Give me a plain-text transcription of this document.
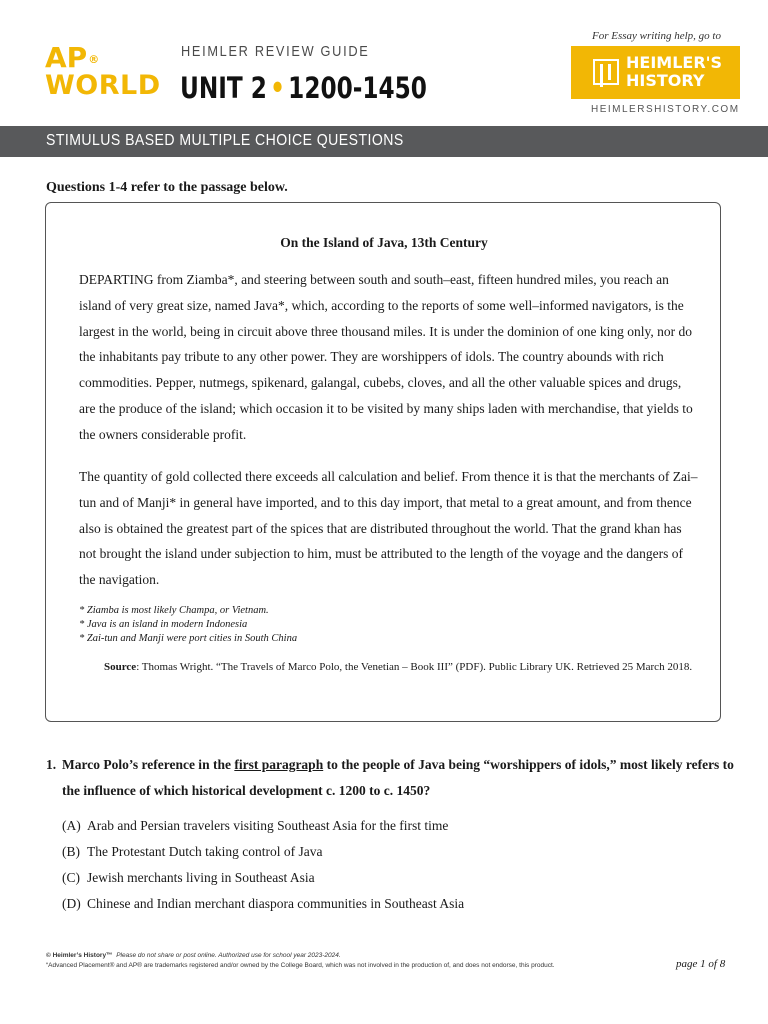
AP®
WORLD
HEIMLER REVIEW GUIDE
UNIT 2 • 1200-1450
For Essay writing help, go to
HEIMLER'S
HISTORY
HEIMLERSHISTORY.COM
STIMULUS BASED MULTIPLE CHOICE QUESTIONS
Questions 1-4 refer to the passage below.
On the Island of Java, 13th Century
DEPARTING from Ziamba*, and steering between south and south–east, fifteen hundred miles, you reach an island of very great size, named Java*, which, according to the reports of some well–informed navigators, is the largest in the world, being in circuit above three thousand miles. It is under the dominion of one king only, nor do the inhabitants pay tribute to any other power. They are worshippers of idols. The country abounds with rich commodities. Pepper, nutmegs, spikenard, galangal, cubebs, cloves, and all the other valuable spices and drugs, are the produce of the island; which occasion it to be visited by many ships laden with merchandise, that yields to the owners considerable profit.
The quantity of gold collected there exceeds all calculation and belief. From thence it is that the merchants of Zai–tun and of Manji* in general have imported, and to this day import, that metal to a great amount, and from thence also is obtained the greatest part of the spices that are distributed throughout the world. That the grand khan has not brought the island under subjection to him, must be attributed to the length of the voyage and the dangers of the navigation.
* Ziamba is most likely Champa, or Vietnam.
* Java is an island in modern Indonesia
* Zai-tun and Manji were port cities in South China
Source: Thomas Wright. “The Travels of Marco Polo, the Venetian – Book III” (PDF). Public Library UK. Retrieved 25 March 2018.
1. Marco Polo’s reference in the first paragraph to the people of Java being “worshippers of idols,” most likely refers to
the influence of which historical development c. 1200 to c. 1450?
(A) Arab and Persian travelers visiting Southeast Asia for the first time
(B) The Protestant Dutch taking control of Java
(C) Jewish merchants living in Southeast Asia
(D) Chinese and Indian merchant diaspora communities in Southeast Asia
© Heimler’s History™ Please do not share or post online. Authorized use for school year 2023-2024.
“Advanced Placement® and AP® are trademarks registered and/or owned by the College Board, which was not involved in the production of, and does not endorse, this product.	page 1 of 8
